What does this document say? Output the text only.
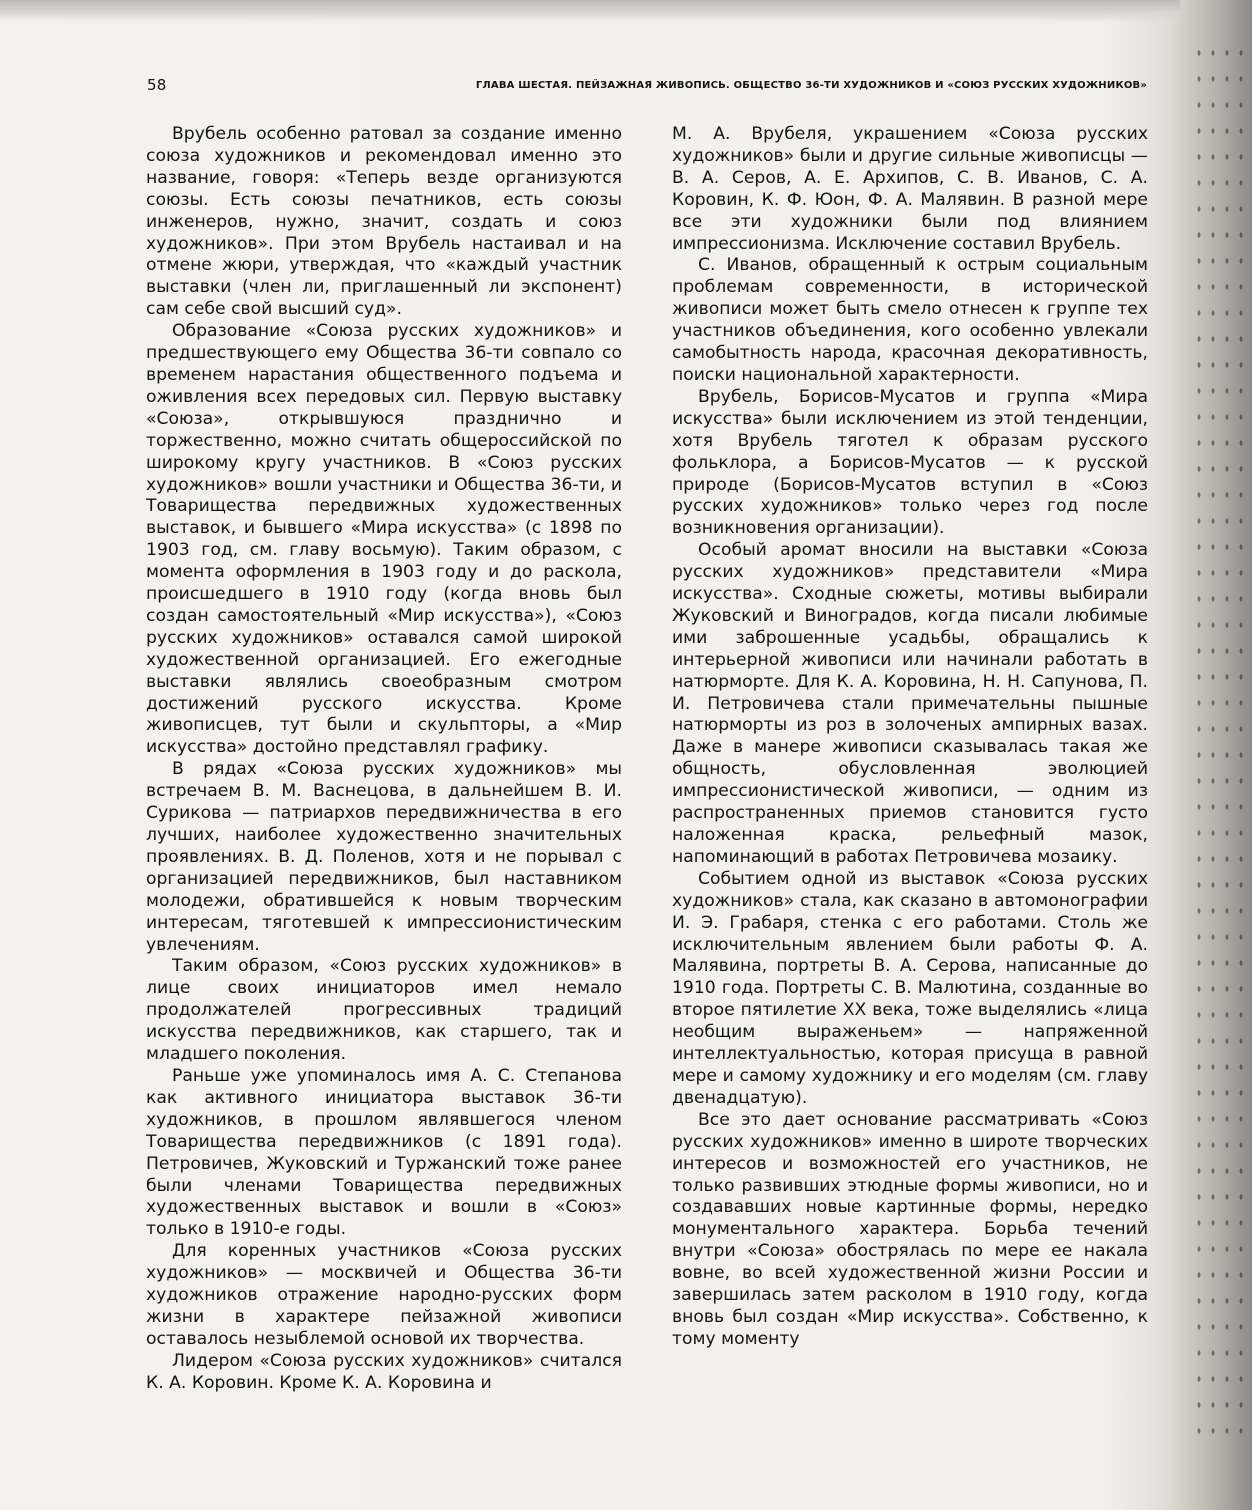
58	ГЛАВА ШЕСТАЯ. ПЕЙЗАЖНАЯ ЖИВОПИСЬ. ОБЩЕСТВО 36-ТИ ХУДОЖНИКОВ И «СОЮЗ РУССКИХ ХУДОЖНИКОВ»

Врубель особенно ратовал за создание именно союза художников и рекомендовал именно это название, говоря: «Теперь везде организуются союзы. Есть союзы печатников, есть союзы инженеров, нужно, значит, создать и союз художников». При этом Врубель настаивал и на отмене жюри, утверждая, что «каждый участник выставки (член ли, приглашенный ли экспонент) сам себе свой высший суд».

Образование «Союза русских художников» и предшествующего ему Общества 36-ти совпало со временем нарастания общественного подъема и оживления всех передовых сил. Первую выставку «Союза», открывшуюся празднично и торжественно, можно считать общероссийской по широкому кругу участников. В «Союз русских художников» вошли участники и Общества 36-ти, и Товарищества передвижных художественных выставок, и бывшего «Мира искусства» (с 1898 по 1903 год, см. главу восьмую). Таким образом, с момента оформления в 1903 году и до раскола, происшедшего в 1910 году (когда вновь был создан самостоятельный «Мир искусства»), «Союз русских художников» оставался самой широкой художественной организацией. Его ежегодные выставки являлись своеобразным смотром достижений русского искусства. Кроме живописцев, тут были и скульпторы, а «Мир искусства» достойно представлял графику.

В рядах «Союза русских художников» мы встречаем В. М. Васнецова, в дальнейшем В. И. Сурикова — патриархов передвижничества в его лучших, наиболее художественно значительных проявлениях. В. Д. Поленов, хотя и не порывал с организацией передвижников, был наставником молодежи, обратившейся к новым творческим интересам, тяготевшей к импрессионистическим увлечениям.

Таким образом, «Союз русских художников» в лице своих инициаторов имел немало продолжателей прогрессивных традиций искусства передвижников, как старшего, так и младшего поколения.

Раньше уже упоминалось имя А. С. Степанова как активного инициатора выставок 36-ти художников, в прошлом являвшегося членом Товарищества передвижников (с 1891 года). Петровичев, Жуковский и Туржанский тоже ранее были членами Товарищества передвижных художественных выставок и вошли в «Союз» только в 1910-е годы.

Для коренных участников «Союза русских художников» — москвичей и Общества 36-ти художников отражение народно-русских форм жизни в характере пейзажной живописи оставалось незыблемой основой их творчества.

Лидером «Союза русских художников» считался К. А. Коровин. Кроме К. А. Коровина и

М. А. Врубеля, украшением «Союза русских художников» были и другие сильные живописцы — В. А. Серов, А. Е. Архипов, С. В. Иванов, С. А. Коровин, К. Ф. Юон, Ф. А. Малявин. В разной мере все эти художники были под влиянием импрессионизма. Исключение составил Врубель.

С. Иванов, обращенный к острым социальным проблемам современности, в исторической живописи может быть смело отнесен к группе тех участников объединения, кого особенно увлекали самобытность народа, красочная декоративность, поиски национальной характерности.

Врубель, Борисов-Мусатов и группа «Мира искусства» были исключением из этой тенденции, хотя Врубель тяготел к образам русского фольклора, а Борисов-Мусатов — к русской природе (Борисов-Мусатов вступил в «Союз русских художников» только через год после возникновения организации).

Особый аромат вносили на выставки «Союза русских художников» представители «Мира искусства». Сходные сюжеты, мотивы выбирали Жуковский и Виноградов, когда писали любимые ими заброшенные усадьбы, обращались к интерьерной живописи или начинали работать в натюрморте. Для К. А. Коровина, Н. Н. Сапунова, П. И. Петровичева стали примечательны пышные натюрморты из роз в золоченых ампирных вазах. Даже в манере живописи сказывалась такая же общность, обусловленная эволюцией импрессионистической живописи, — одним из распространенных приемов становится густо наложенная краска, рельефный мазок, напоминающий в работах Петровичева мозаику.

Событием одной из выставок «Союза русских художников» стала, как сказано в автомонографии И. Э. Грабаря, стенка с его работами. Столь же исключительным явлением были работы Ф. А. Малявина, портреты В. А. Серова, написанные до 1910 года. Портреты С. В. Малютина, созданные во второе пятилетие XX века, тоже выделялись «лица необщим выраженьем» — напряженной интеллектуальностью, которая присуща в равной мере и самому художнику и его моделям (см. главу двенадцатую).

Все это дает основание рассматривать «Союз русских художников» именно в широте творческих интересов и возможностей его участников, не только развивших этюдные формы живописи, но и создававших новые картинные формы, нередко монументального характера. Борьба течений внутри «Союза» обострялась по мере ее накала вовне, во всей художественной жизни России и завершилась затем расколом в 1910 году, когда вновь был создан «Мир искусства». Собственно, к тому моменту
